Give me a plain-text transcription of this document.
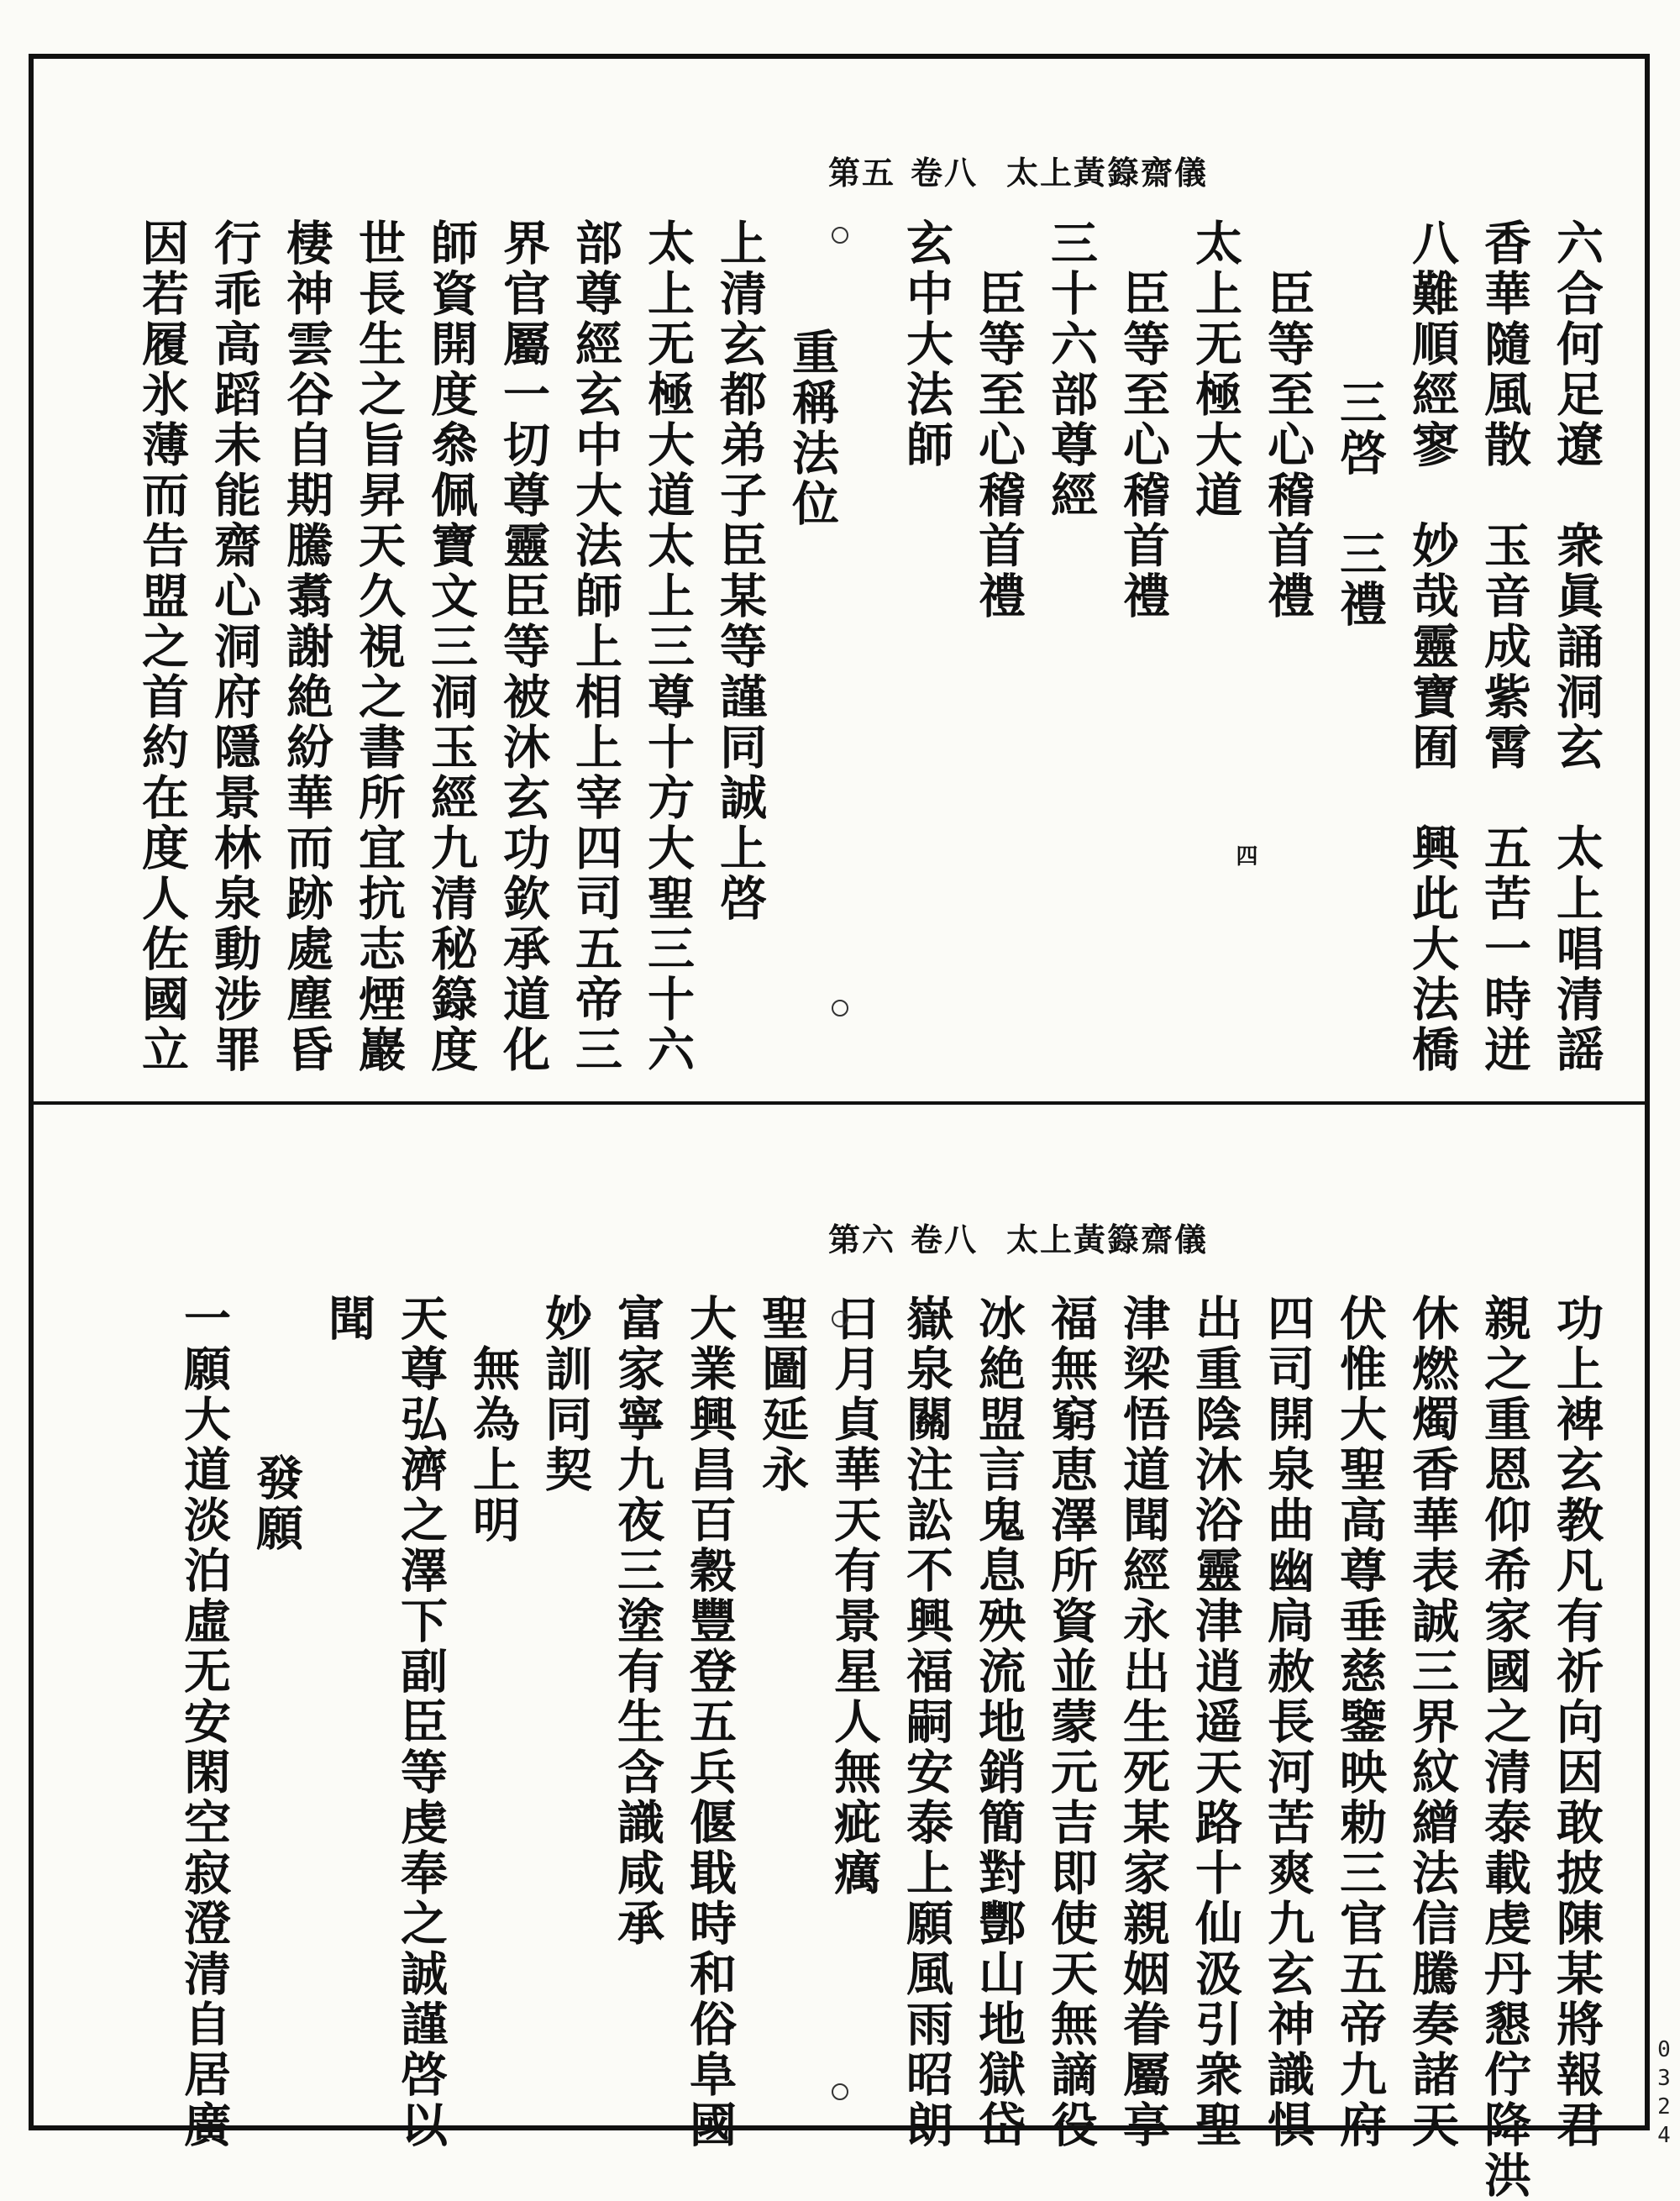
太上黃籙齋儀
卷八
第五
六合何足遼　衆眞誦洞玄　太上唱清謡
香華隨風散　玉音成紫霄　五苦一時迸
八難順經寥　妙哉靈寶囿　興此大法橋
三啓　三禮
臣等至心稽首禮
太上无極大道
臣等至心稽首禮
三十六部尊經
臣等至心稽首禮
玄中大法師
重稱法位
上清玄都弟子臣某等謹同誠上啓
太上无極大道太上三尊十方大聖三十六
部尊經玄中大法師上相上宰四司五帝三
界官屬一切尊靈臣等被沐玄功欽承道化
師資開度叅佩寶文三洞玉經九清秘籙度
世長生之旨昇天久視之書所宜抗志煙巖
棲神雲谷自期騰翥謝絶紛華而跡處塵昏
行乖高蹈未能齋心洞府隱景林泉動涉罪
因若履氷薄而告盟之首約在度人佐國立	四
太上黃籙齋儀
卷八
第六
功上裨玄教凡有祈向因敢披陳某將報君
親之重恩仰希家國之清泰載虔丹懇佇降洪
休燃燭香華表誠三界紋繒法信騰奏諸天
伏惟大聖高尊垂慈鑒映勅三官五帝九府
四司開泉曲幽扃赦長河苦爽九玄神識惧
出重陰沐浴靈津逍遥天路十仙汲引衆聖
津梁悟道聞經永出生死某家親姻眷屬享
福無窮恵澤所資並蒙元吉即使天無謫役
冰絶盟言鬼息殃流地銷簡對酆山地獄岱
嶽泉關注訟不興福嗣安泰上願風雨昭朗
日月貞華天有景星人無疵癘
聖圖延永
大業興昌百穀豐登五兵偃戢時和俗阜國
富家寧九夜三塗有生含識咸承
妙訓同契
無為上明
天尊弘濟之澤下副臣等虔奉之誠謹啓以
聞
發願
一願大道淡泊虛无安閑空寂澄清自居廣	0324
